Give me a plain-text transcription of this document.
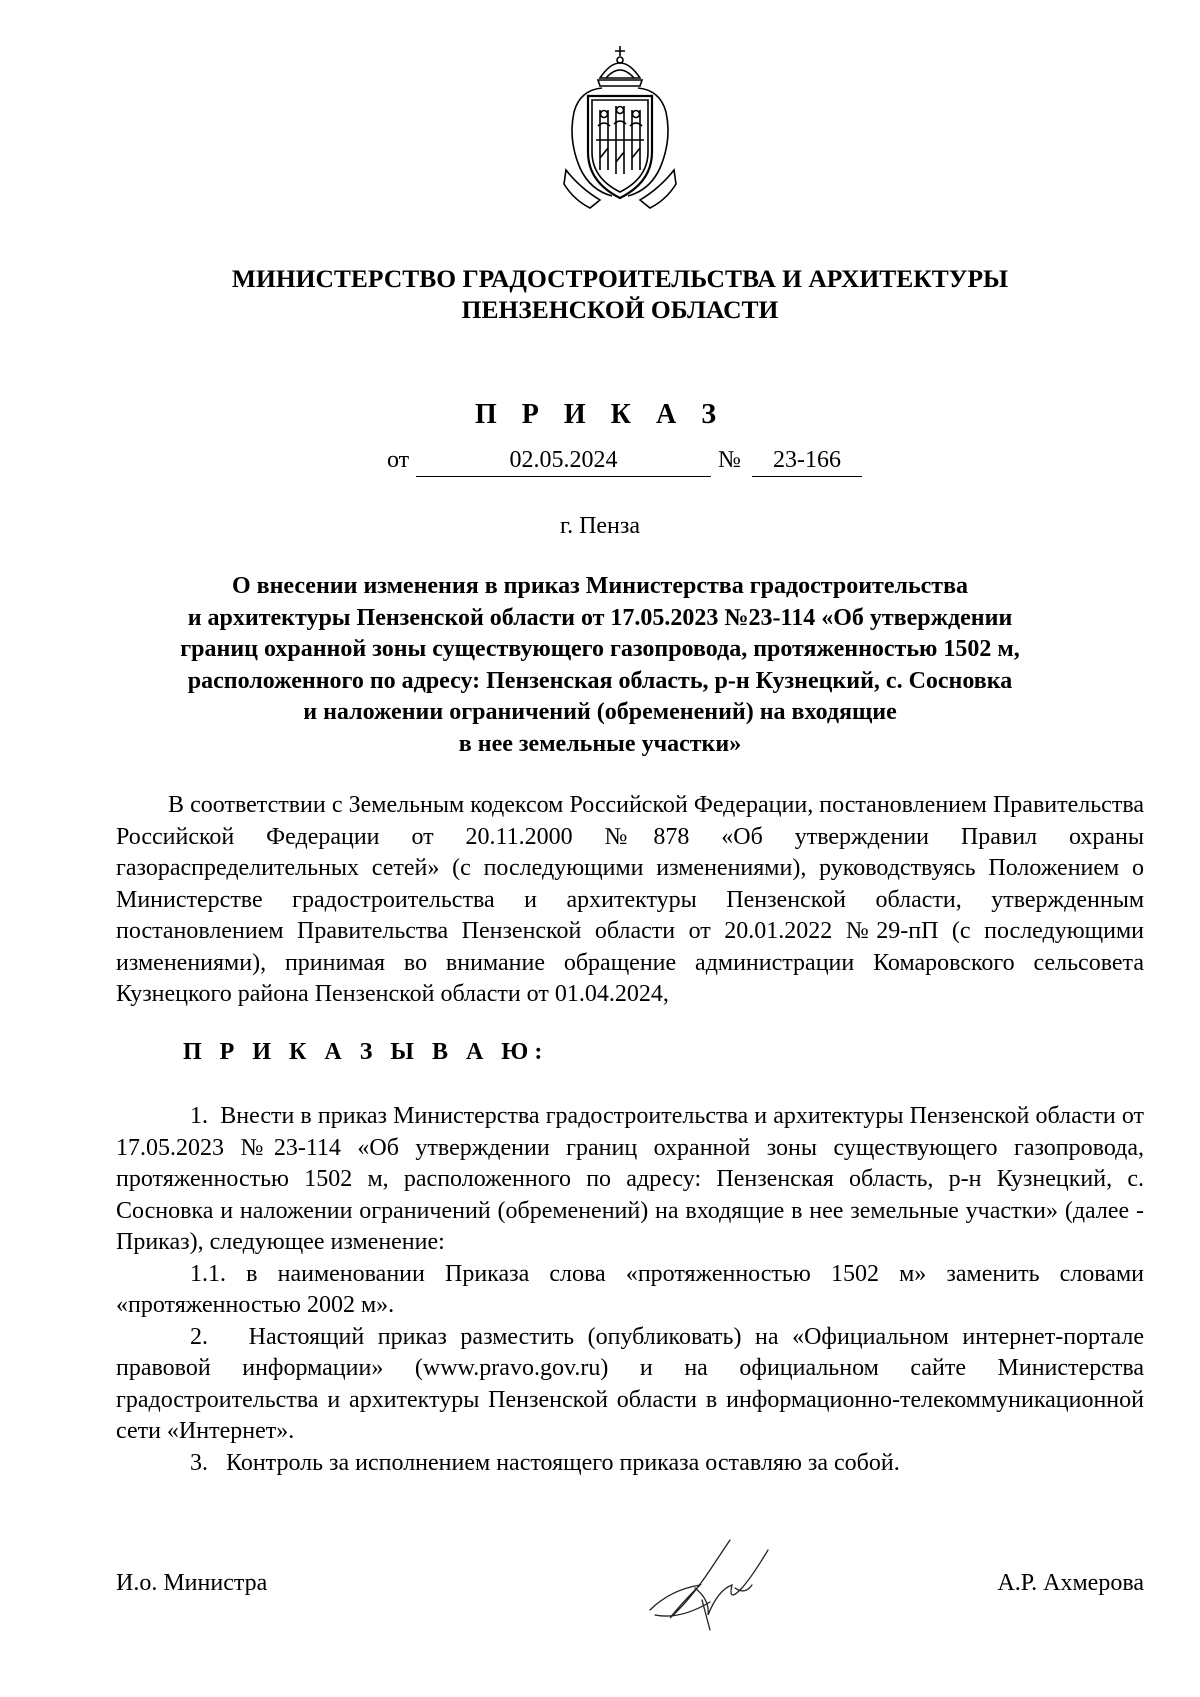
МИНИСТЕРСТВО ГРАДОСТРОИТЕЛЬСТВА И АРХИТЕКТУРЫ
ПЕНЗЕНСКОЙ ОБЛАСТИ
П Р И К А З
от	02.05.2024	№	23-166
г. Пенза
О внесении изменения в приказ Министерства градостроительства
и архитектуры Пензенской области от 17.05.2023 №23-114 «Об утверждении
границ охранной зоны существующего газопровода, протяженностью 1502 м,
расположенного по адресу: Пензенская область, р-н Кузнецкий, с. Сосновка
и наложении ограничений (обременений) на входящие
в нее земельные участки»

В соответствии с Земельным кодексом Российской Федерации, постановлением Правительства Российской Федерации от 20.11.2000 №878 «Об утверждении Правил охраны газораспределительных сетей» (с последующими изменениями), руководствуясь Положением о Министерстве градостроительства и архитектуры Пензенской области, утвержденным постановлением Правительства Пензенской области от 20.01.2022 №29-пП (с последующими изменениями), принимая во внимание обращение администрации Комаровского сельсовета Кузнецкого района Пензенской области от 01.04.2024,

П Р И К А З Ы В А Ю:

1.  Внести в приказ Министерства градостроительства и архитектуры Пензенской области от 17.05.2023 №23-114 «Об утверждении границ охранной зоны существующего газопровода, протяженностью 1502 м, расположенного по адресу: Пензенская область, р-н Кузнецкий, с. Сосновка и наложении ограничений (обременений) на входящие в нее земельные участки» (далее - Приказ), следующее изменение:

1.1. в наименовании Приказа слова «протяженностью 1502 м» заменить словами «протяженностью 2002 м».

2.   Настоящий приказ разместить (опубликовать) на «Официальном интернет-портале правовой информации» (www.pravo.gov.ru) и на официальном сайте Министерства градостроительства и архитектуры Пензенской области в информационно-телекоммуникационной сети «Интернет».

3.   Контроль за исполнением настоящего приказа оставляю за собой.

И.о. Министра	А.Р. Ахмерова
